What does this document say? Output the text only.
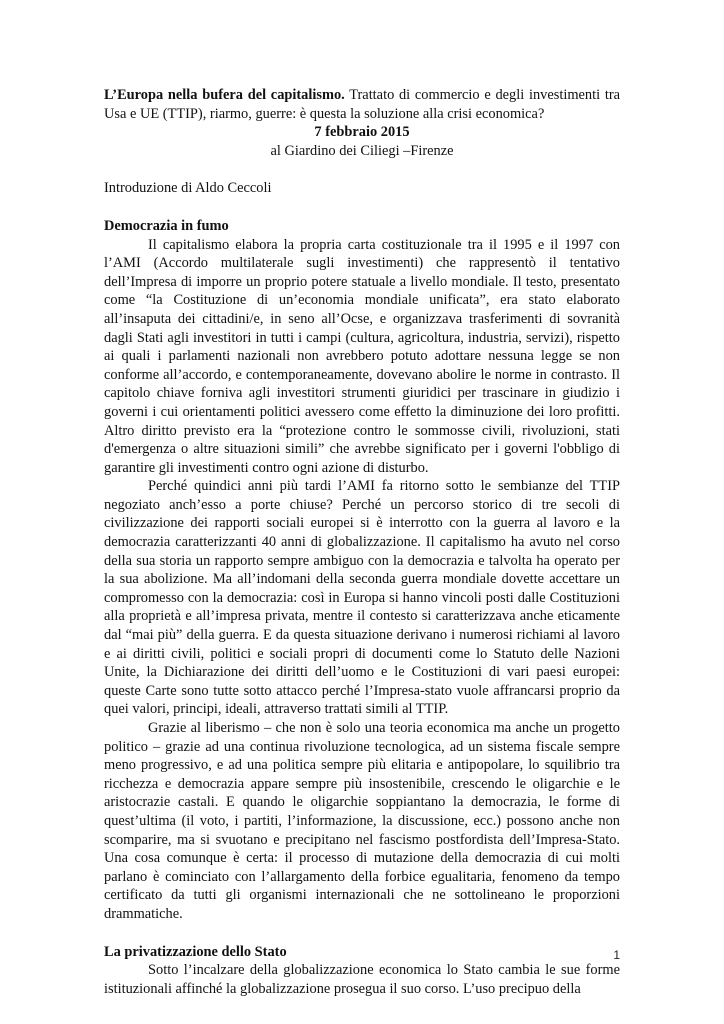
L’Europa nella bufera del capitalismo. Trattato di commercio e degli investimenti tra
Usa e UE (TTIP), riarmo, guerre: è questa la soluzione alla crisi economica?
7 febbraio 2015
al Giardino dei Ciliegi –Firenze
Introduzione di Aldo Ceccoli
Democrazia in fumo

Il capitalismo elabora la propria carta costituzionale tra il 1995 e il 1997 con l’AMI (Accordo multilaterale sugli investimenti) che rappresentò il tentativo dell’Impresa di imporre un proprio potere statuale a livello mondiale. Il testo, presentato come “la Costituzione di un’economia mondiale unificata”, era stato elaborato all’insaputa dei cittadini/e, in seno all’Ocse, e organizzava trasferimenti di sovranità dagli Stati agli investitori in tutti i campi (cultura, agricoltura, industria, servizi), rispetto ai quali i parlamenti nazionali non avrebbero potuto adottare nessuna legge se non conforme all’accordo, e contemporaneamente, dovevano abolire le norme in contrasto. Il capitolo chiave forniva agli investitori strumenti giuridici per trascinare in giudizio i governi i cui orientamenti politici avessero come effetto la diminuzione dei loro profitti. Altro diritto previsto era la “protezione contro le sommosse civili, rivoluzioni, stati d'emergenza o altre situazioni simili” che avrebbe significato per i governi l'obbligo di garantire gli investimenti contro ogni azione di disturbo.

Perché quindici anni più tardi l’AMI fa ritorno sotto le sembianze del TTIP negoziato anch’esso a porte chiuse? Perché un percorso storico di tre secoli di civilizzazione dei rapporti sociali europei si è interrotto con la guerra al lavoro e la democrazia caratterizzanti 40 anni di globalizzazione. Il capitalismo ha avuto nel corso della sua storia un rapporto sempre ambiguo con la democrazia e talvolta ha operato per la sua abolizione. Ma all’indomani della seconda guerra mondiale dovette accettare un compromesso con la democrazia: così in Europa si hanno vincoli posti dalle Costituzioni alla proprietà e all’impresa privata, mentre il contesto si caratterizzava anche eticamente dal “mai più” della guerra. E da questa situazione derivano i numerosi richiami al lavoro e ai diritti civili, politici e sociali propri di documenti come lo Statuto delle Nazioni Unite, la Dichiarazione dei diritti dell’uomo e le Costituzioni di vari paesi europei: queste Carte sono tutte sotto attacco perché l’Impresa-stato vuole affrancarsi proprio da quei valori, principi, ideali, attraverso trattati simili al TTIP.

Grazie al liberismo – che non è solo una teoria economica ma anche un progetto politico – grazie ad una continua rivoluzione tecnologica, ad un sistema fiscale sempre meno progressivo, e ad una politica sempre più elitaria e antipopolare, lo squilibrio tra ricchezza e democrazia appare sempre più insostenibile, crescendo le oligarchie e le aristocrazie castali. E quando le oligarchie soppiantano la democrazia, le forme di quest’ultima (il voto, i partiti, l’informazione, la discussione, ecc.) possono anche non scomparire, ma si svuotano e precipitano nel fascismo postfordista dell’Impresa-Stato. Una cosa comunque è certa: il processo di mutazione della democrazia di cui molti parlano è cominciato con l’allargamento della forbice egualitaria, fenomeno da tempo certificato da tutti gli organismi internazionali che ne sottolineano le proporzioni drammatiche.

La privatizzazione dello Stato

Sotto l’incalzare della globalizzazione economica lo Stato cambia le sue forme istituzionali affinché la globalizzazione prosegua il suo corso. L’uso precipuo della

1
